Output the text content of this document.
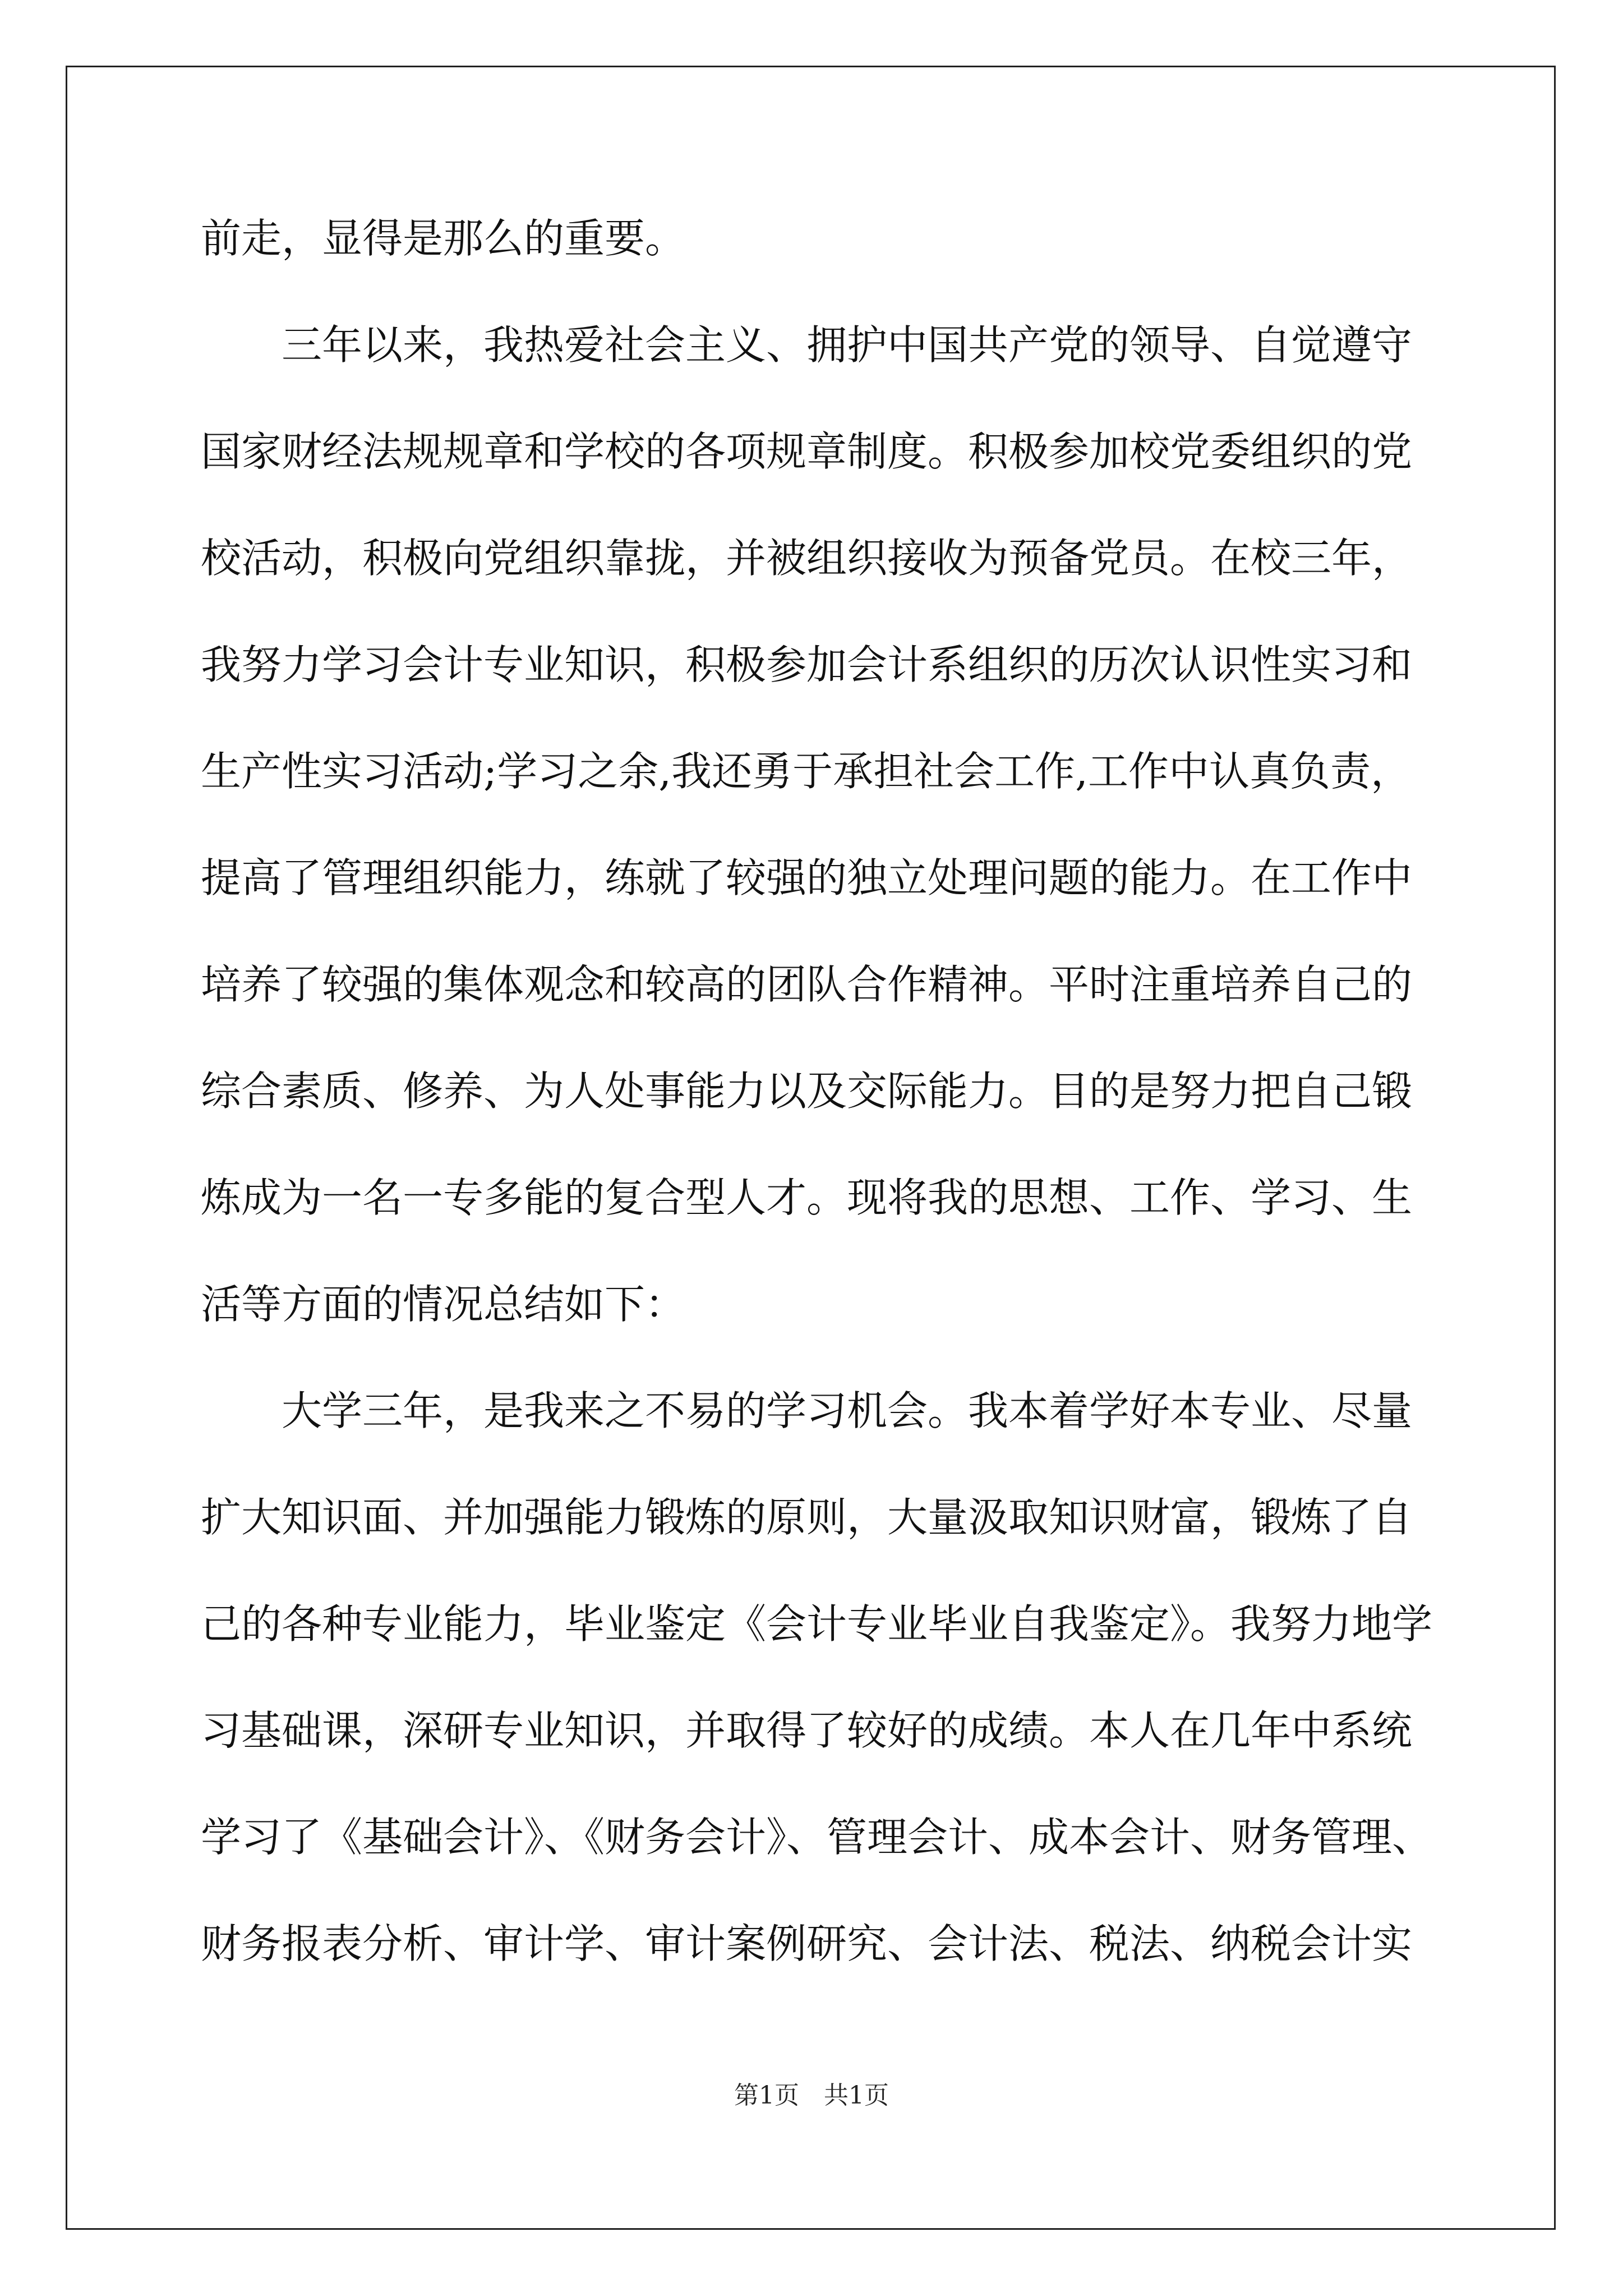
前走，显得是那么的重要。
　　三年以来，我热爱社会主义、拥护中国共产党的领导、自觉遵守
国家财经法规规章和学校的各项规章制度。积极参加校党委组织的党
校活动，积极向党组织靠拢，并被组织接收为预备党员。在校三年，
我努力学习会计专业知识，积极参加会计系组织的历次认识性实习和
生产性实习活动;学习之余,我还勇于承担社会工作,工作中认真负责，
提高了管理组织能力，练就了较强的独立处理问题的能力。在工作中
培养了较强的集体观念和较高的团队合作精神。平时注重培养自己的
综合素质、修养、为人处事能力以及交际能力。目的是努力把自己锻
炼成为一名一专多能的复合型人才。现将我的思想、工作、学习、生
活等方面的情况总结如下：
　　大学三年，是我来之不易的学习机会。我本着学好本专业、尽量
扩大知识面、并加强能力锻炼的原则，大量汲取知识财富，锻炼了自
己的各种专业能力，毕业鉴定《会计专业毕业自我鉴定》。我努力地学
习基础课，深研专业知识，并取得了较好的成绩。本人在几年中系统
学习了《基础会计》、《财务会计》、管理会计、成本会计、财务管理、
财务报表分析、审计学、审计案例研究、会计法、税法、纳税会计实
第1页　共1页
